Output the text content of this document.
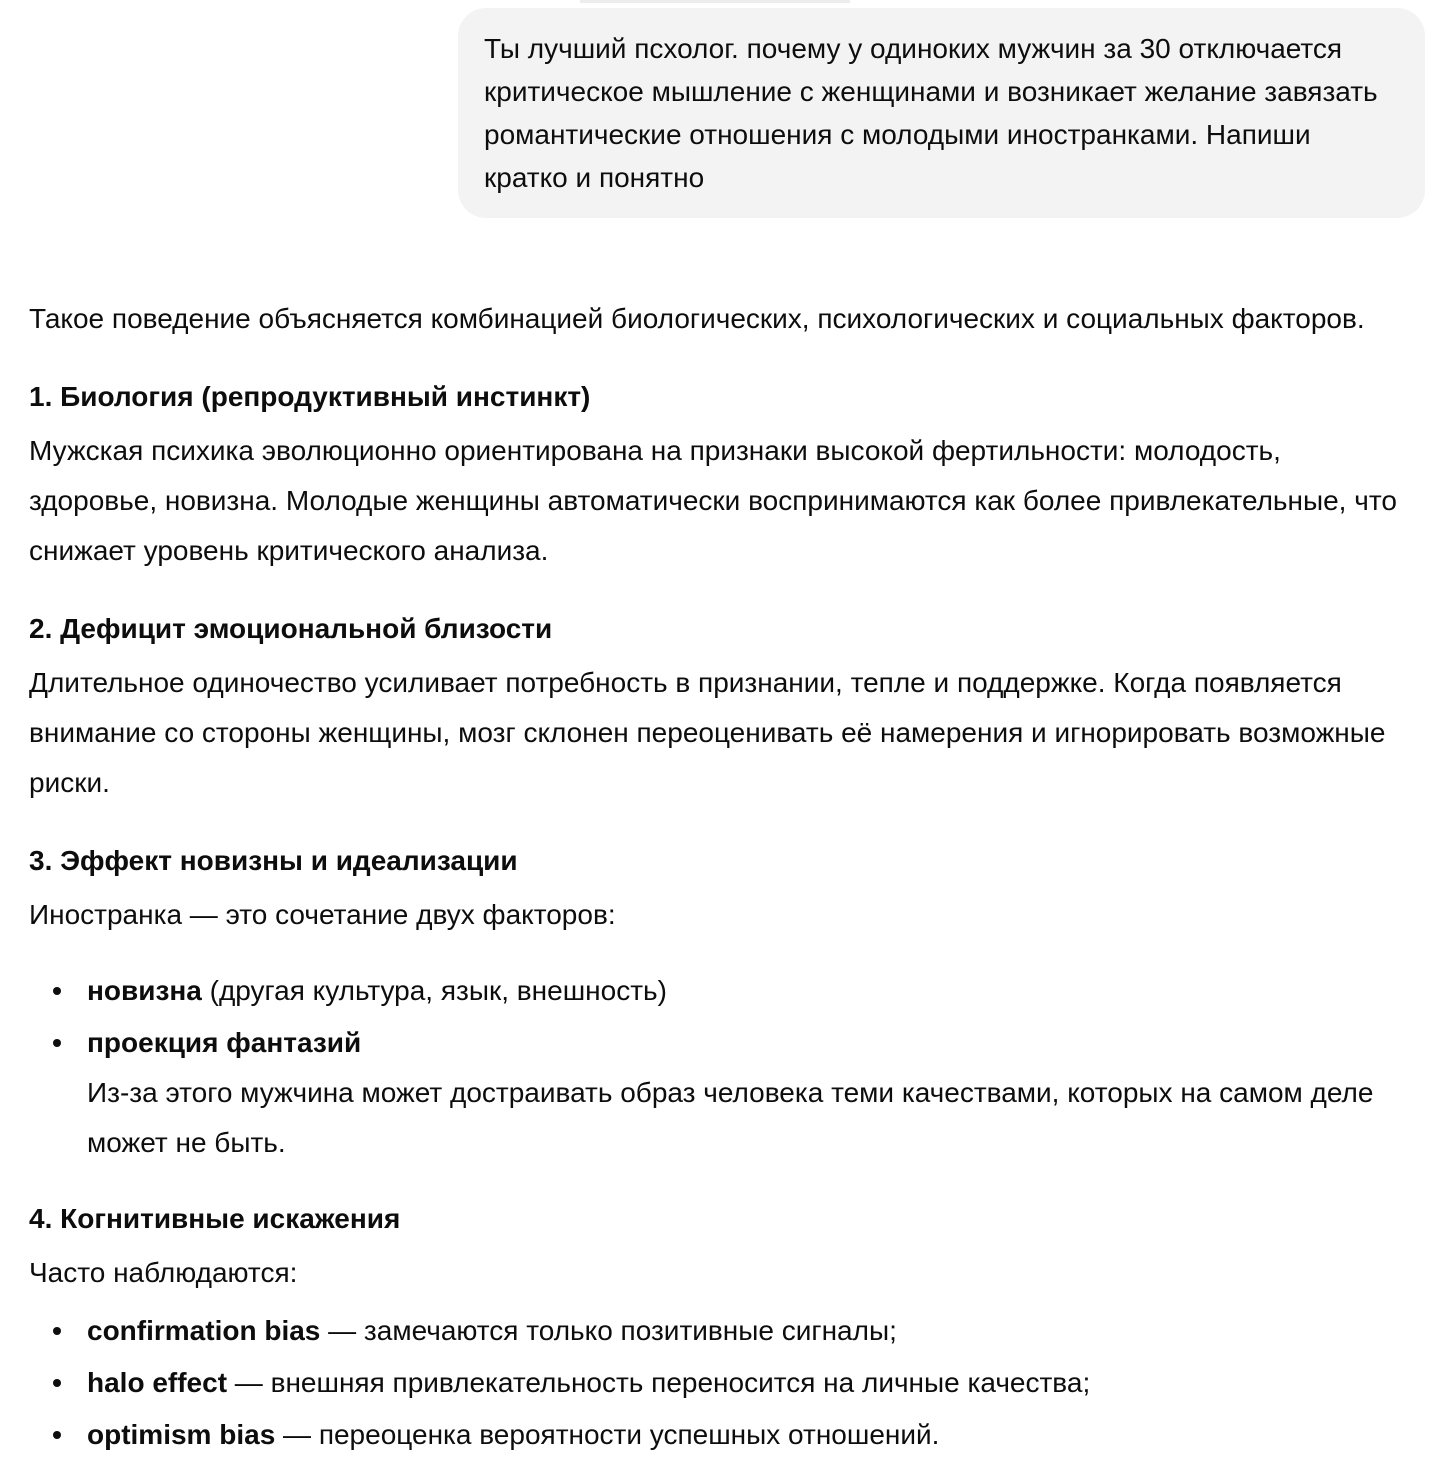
Ты лучший псхолог. почему у одиноких мужчин за 30 отключается критическое мышление с женщинами и возникает желание завязать романтические отношения с молодыми иностранками. Напиши кратко и понятно

Такое поведение объясняется комбинацией биологических, психологических и социальных факторов.

1. Биология (репродуктивный инстинкт)

Мужская психика эволюционно ориентирована на признаки высокой фертильности: молодость, здоровье, новизна. Молодые женщины автоматически воспринимаются как более привлекательные, что снижает уровень критического анализа.

2. Дефицит эмоциональной близости

Длительное одиночество усиливает потребность в признании, тепле и поддержке. Когда появляется внимание со стороны женщины, мозг склонен переоценивать её намерения и игнорировать возможные риски.

3. Эффект новизны и идеализации

Иностранка — это сочетание двух факторов:

новизна (другая культура, язык, внешность)
проекция фантазий

Из-за этого мужчина может достраивать образ человека теми качествами, которых на самом деле может не быть.

4. Когнитивные искажения

Часто наблюдаются:

confirmation bias — замечаются только позитивные сигналы;
halo effect — внешняя привлекательность переносится на личные качества;
optimism bias — переоценка вероятности успешных отношений.
